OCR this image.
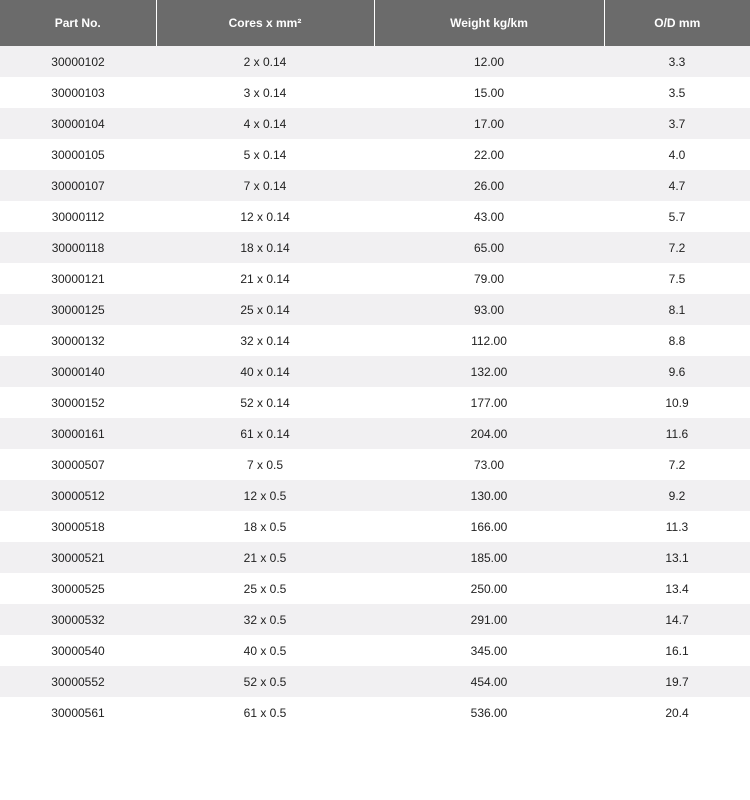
Part No.	Cores x mm²	Weight kg/km	O/D mm
30000102	2 x 0.14	12.00	3.3
30000103	3 x 0.14	15.00	3.5
30000104	4 x 0.14	17.00	3.7
30000105	5 x 0.14	22.00	4.0
30000107	7 x 0.14	26.00	4.7
30000112	12 x 0.14	43.00	5.7
30000118	18 x 0.14	65.00	7.2
30000121	21 x 0.14	79.00	7.5
30000125	25 x 0.14	93.00	8.1
30000132	32 x 0.14	112.00	8.8
30000140	40 x 0.14	132.00	9.6
30000152	52 x 0.14	177.00	10.9
30000161	61 x 0.14	204.00	11.6
30000507	7 x 0.5	73.00	7.2
30000512	12 x 0.5	130.00	9.2
30000518	18 x 0.5	166.00	11.3
30000521	21 x 0.5	185.00	13.1
30000525	25 x 0.5	250.00	13.4
30000532	32 x 0.5	291.00	14.7
30000540	40 x 0.5	345.00	16.1
30000552	52 x 0.5	454.00	19.7
30000561	61 x 0.5	536.00	20.4
